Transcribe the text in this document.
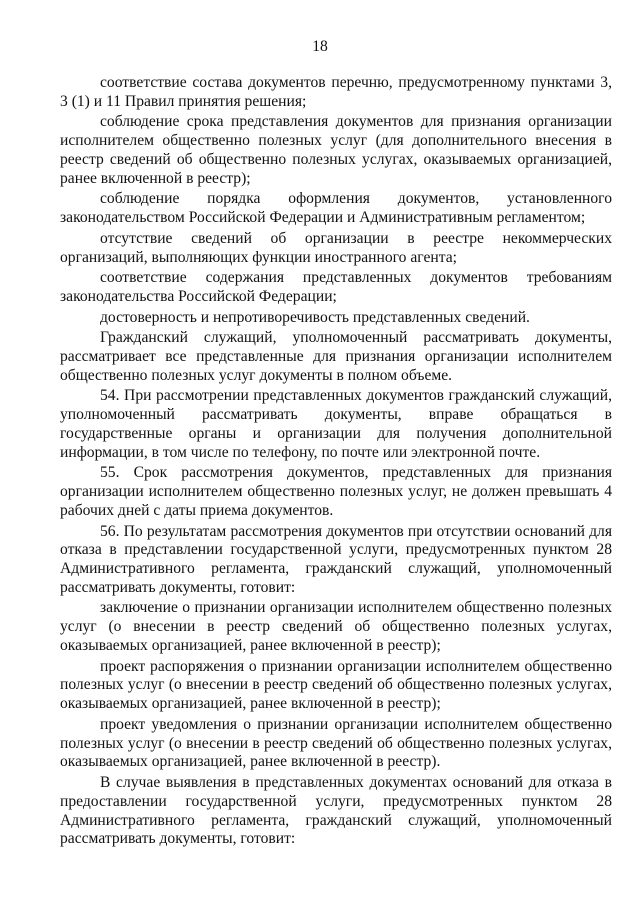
18

соответствие состава документов перечню, предусмотренному пунктами 3, 3 (1) и 11 Правил принятия решения;

соблюдение срока представления документов для признания организации исполнителем общественно полезных услуг (для дополнительного внесения в реестр сведений об общественно полезных услугах, оказываемых организацией, ранее включенной в реестр);

соблюдение порядка оформления документов, установленного законодательством Российской Федерации и Административным регламентом;

отсутствие сведений об организации в реестре некоммерческих организаций, выполняющих функции иностранного агента;

соответствие содержания представленных документов требованиям законодательства Российской Федерации;

достоверность и непротиворечивость представленных сведений.

Гражданский служащий, уполномоченный рассматривать документы, рассматривает все представленные для признания организации исполнителем общественно полезных услуг документы в полном объеме.

54. При рассмотрении представленных документов гражданский служащий, уполномоченный рассматривать документы, вправе обращаться в государственные органы и организации для получения дополнительной информации, в том числе по телефону, по почте или электронной почте.

55. Срок рассмотрения документов, представленных для признания организации исполнителем общественно полезных услуг, не должен превышать 4 рабочих дней с даты приема документов.

56. По результатам рассмотрения документов при отсутствии оснований для отказа в представлении государственной услуги, предусмотренных пунктом 28 Административного регламента, гражданский служащий, уполномоченный рассматривать документы, готовит:

заключение о признании организации исполнителем общественно полезных услуг (о внесении в реестр сведений об общественно полезных услугах, оказываемых организацией, ранее включенной в реестр);

проект распоряжения о признании организации исполнителем общественно полезных услуг (о внесении в реестр сведений об общественно полезных услугах, оказываемых организацией, ранее включенной в реестр);

проект уведомления о признании организации исполнителем общественно полезных услуг (о внесении в реестр сведений об общественно полезных услугах, оказываемых организацией, ранее включенной в реестр).

В случае выявления в представленных документах оснований для отказа в предоставлении государственной услуги, предусмотренных пунктом 28 Административного регламента, гражданский служащий, уполномоченный рассматривать документы, готовит:
